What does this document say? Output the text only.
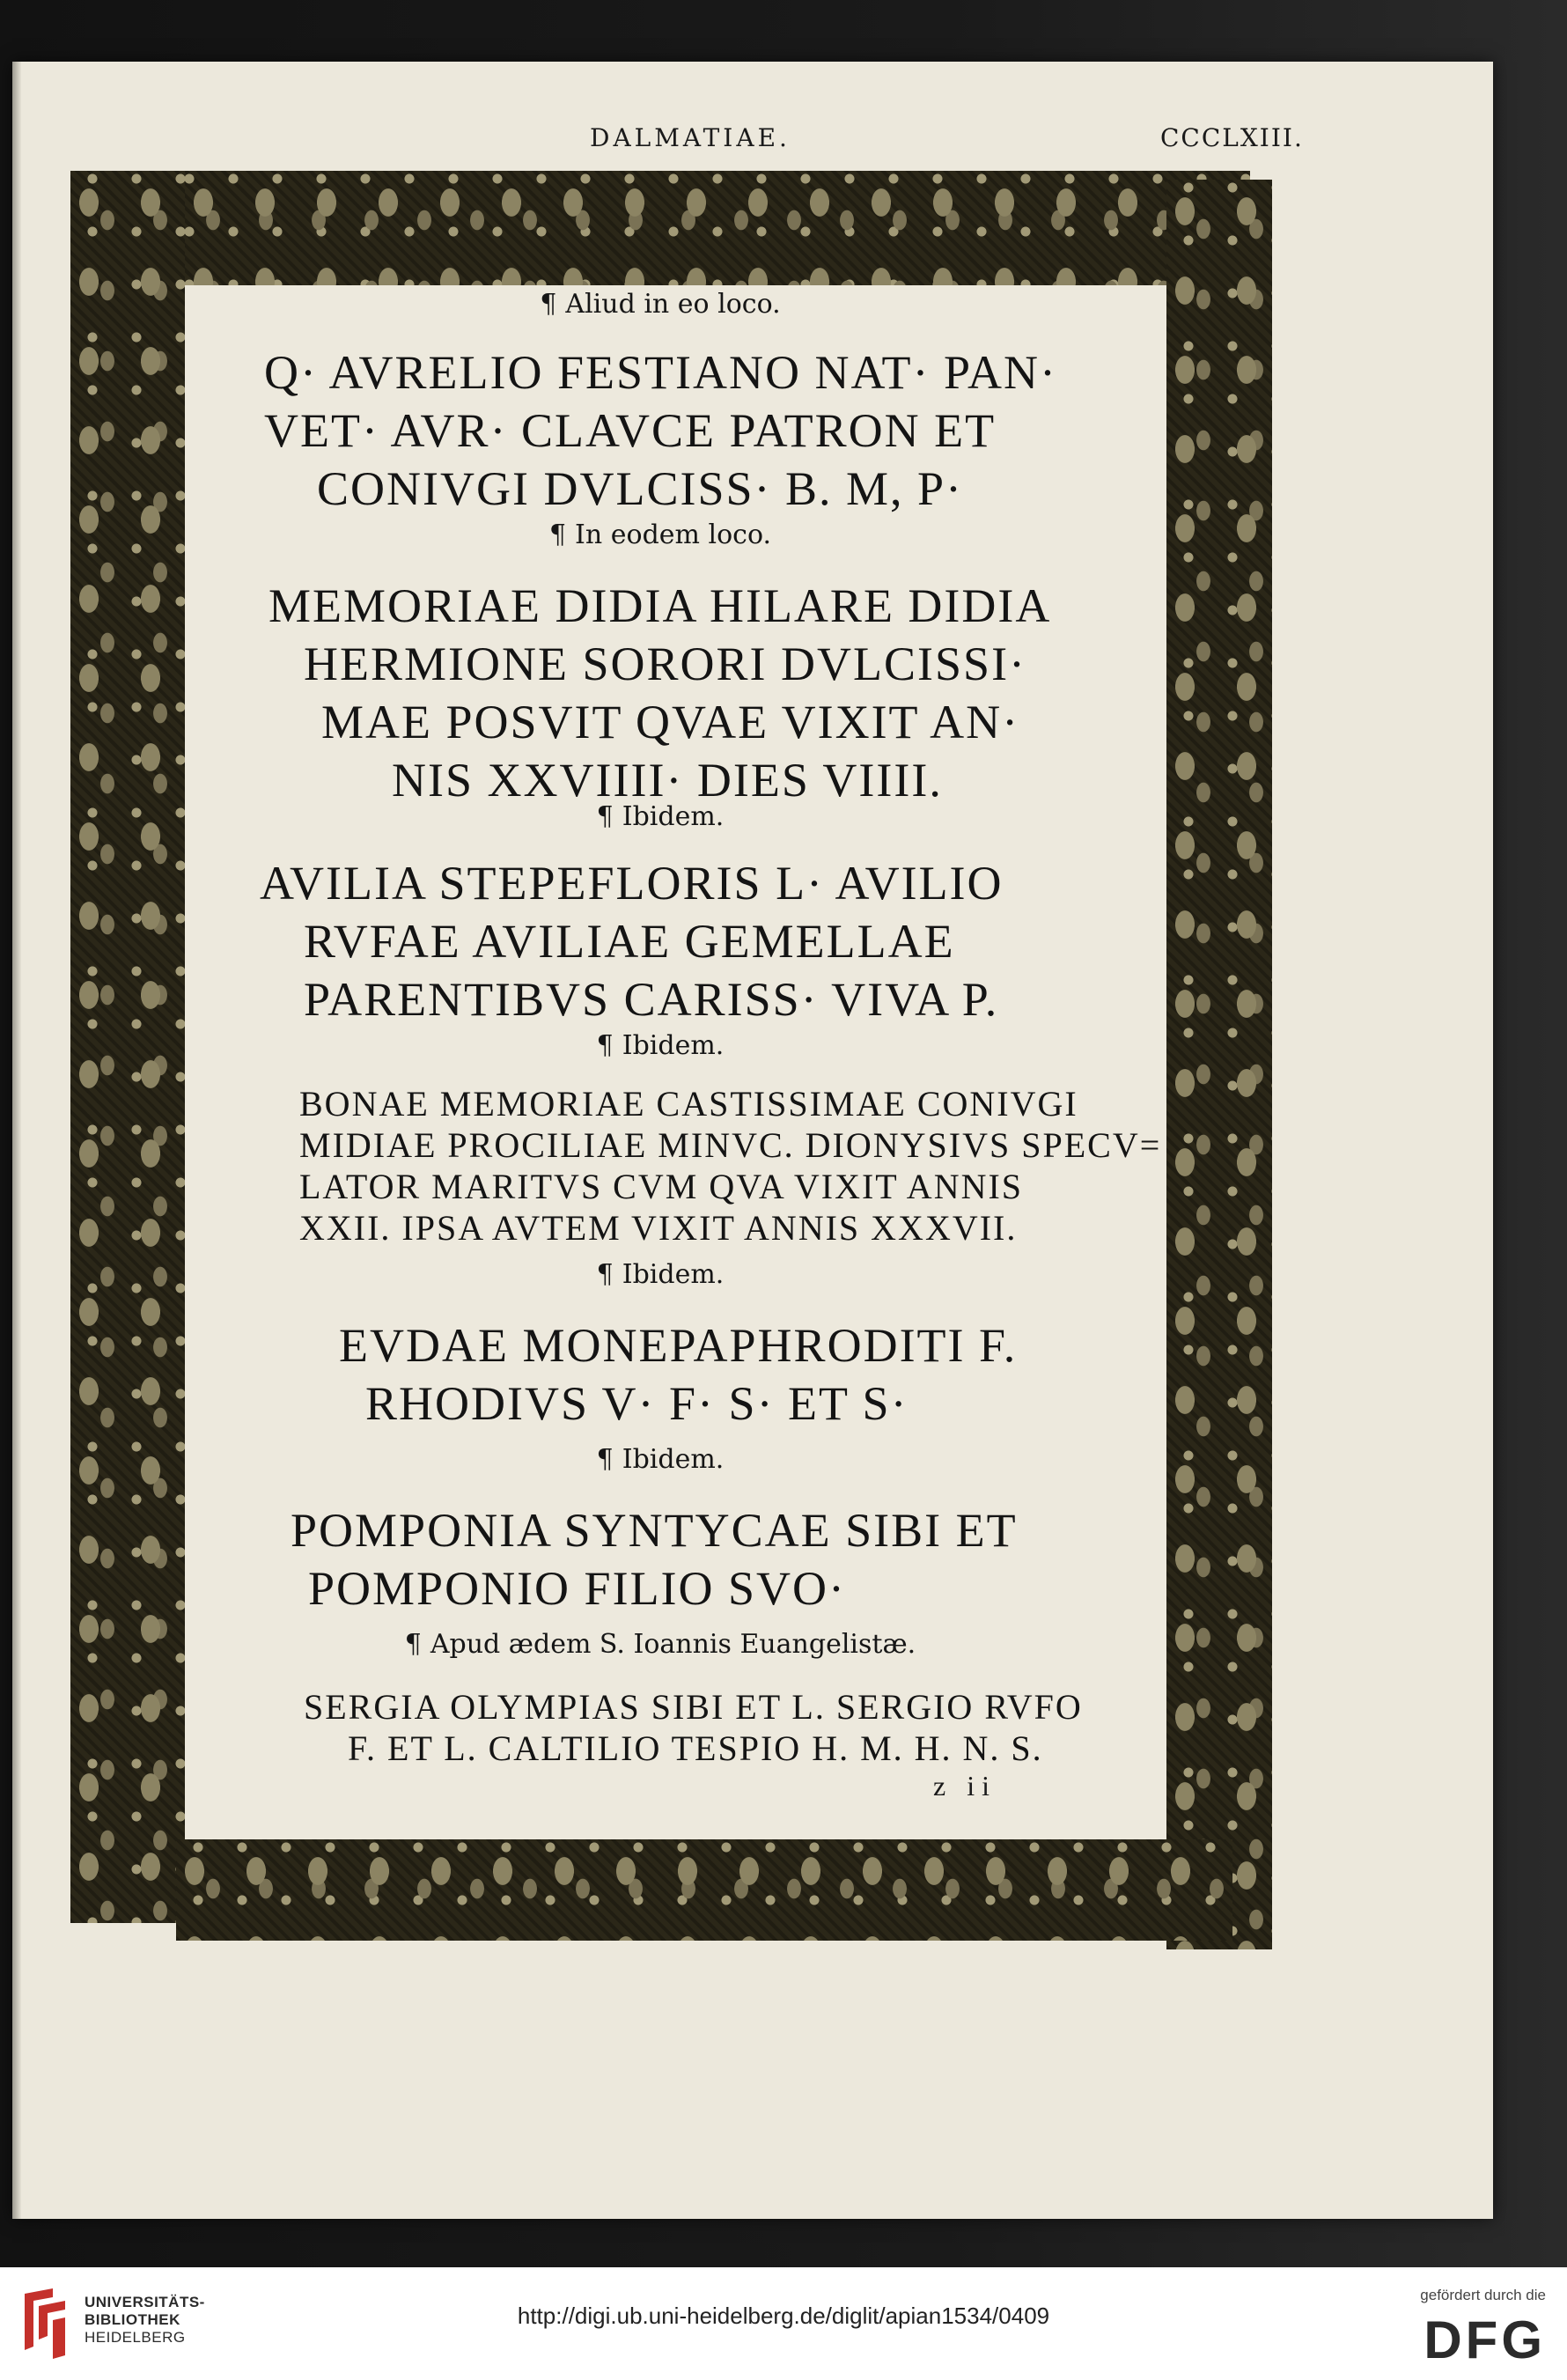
DALMATIAE.	CCCLXIII.

¶ Aliud in eo loco.

Q· AVRELIO FESTIANO NAT· PAN·
VET· AVR· CLAVCE PATRON ET
CONIVGI DVLCISS· B. M, P·

¶ In eodem loco.

MEMORIAE DIDIA HILARE DIDIA
HERMIONE SORORI DVLCISSI·
MAE POSVIT QVAE VIXIT AN·
NIS XXVIIII· DIES VIIII.

¶ Ibidem.

AVILIA STEPEFLORIS L· AVILIO
RVFAE AVILIAE GEMELLAE
PARENTIBVS CARISS· VIVA P.

¶ Ibidem.

BONAE MEMORIAE CASTISSIMAE CONIVGI
MIDIAE PROCILIAE MINVC. DIONYSIVS SPECV=
LATOR MARITVS CVM QVA VIXIT ANNIS
XXII. IPSA AVTEM VIXIT ANNIS XXXVII.

¶ Ibidem.

EVDAE MONEPAPHRODITI F.
RHODIVS V· F· S· ET S·

¶ Ibidem.

POMPONIA SYNTYCAE SIBI ET
POMPONIO FILIO SVO·

¶ Apud ædem S. Ioannis Euangelistæ.

SERGIA OLYMPIAS SIBI ET L. SERGIO RVFO
F. ET L. CALTILIO TESPIO H. M. H. N. S.

z ii
UNIVERSITÄTS-
BIBLIOTHEK
HEIDELBERG
http://digi.ub.uni-heidelberg.de/diglit/apian1534/0409
gefördert durch die
DFG
